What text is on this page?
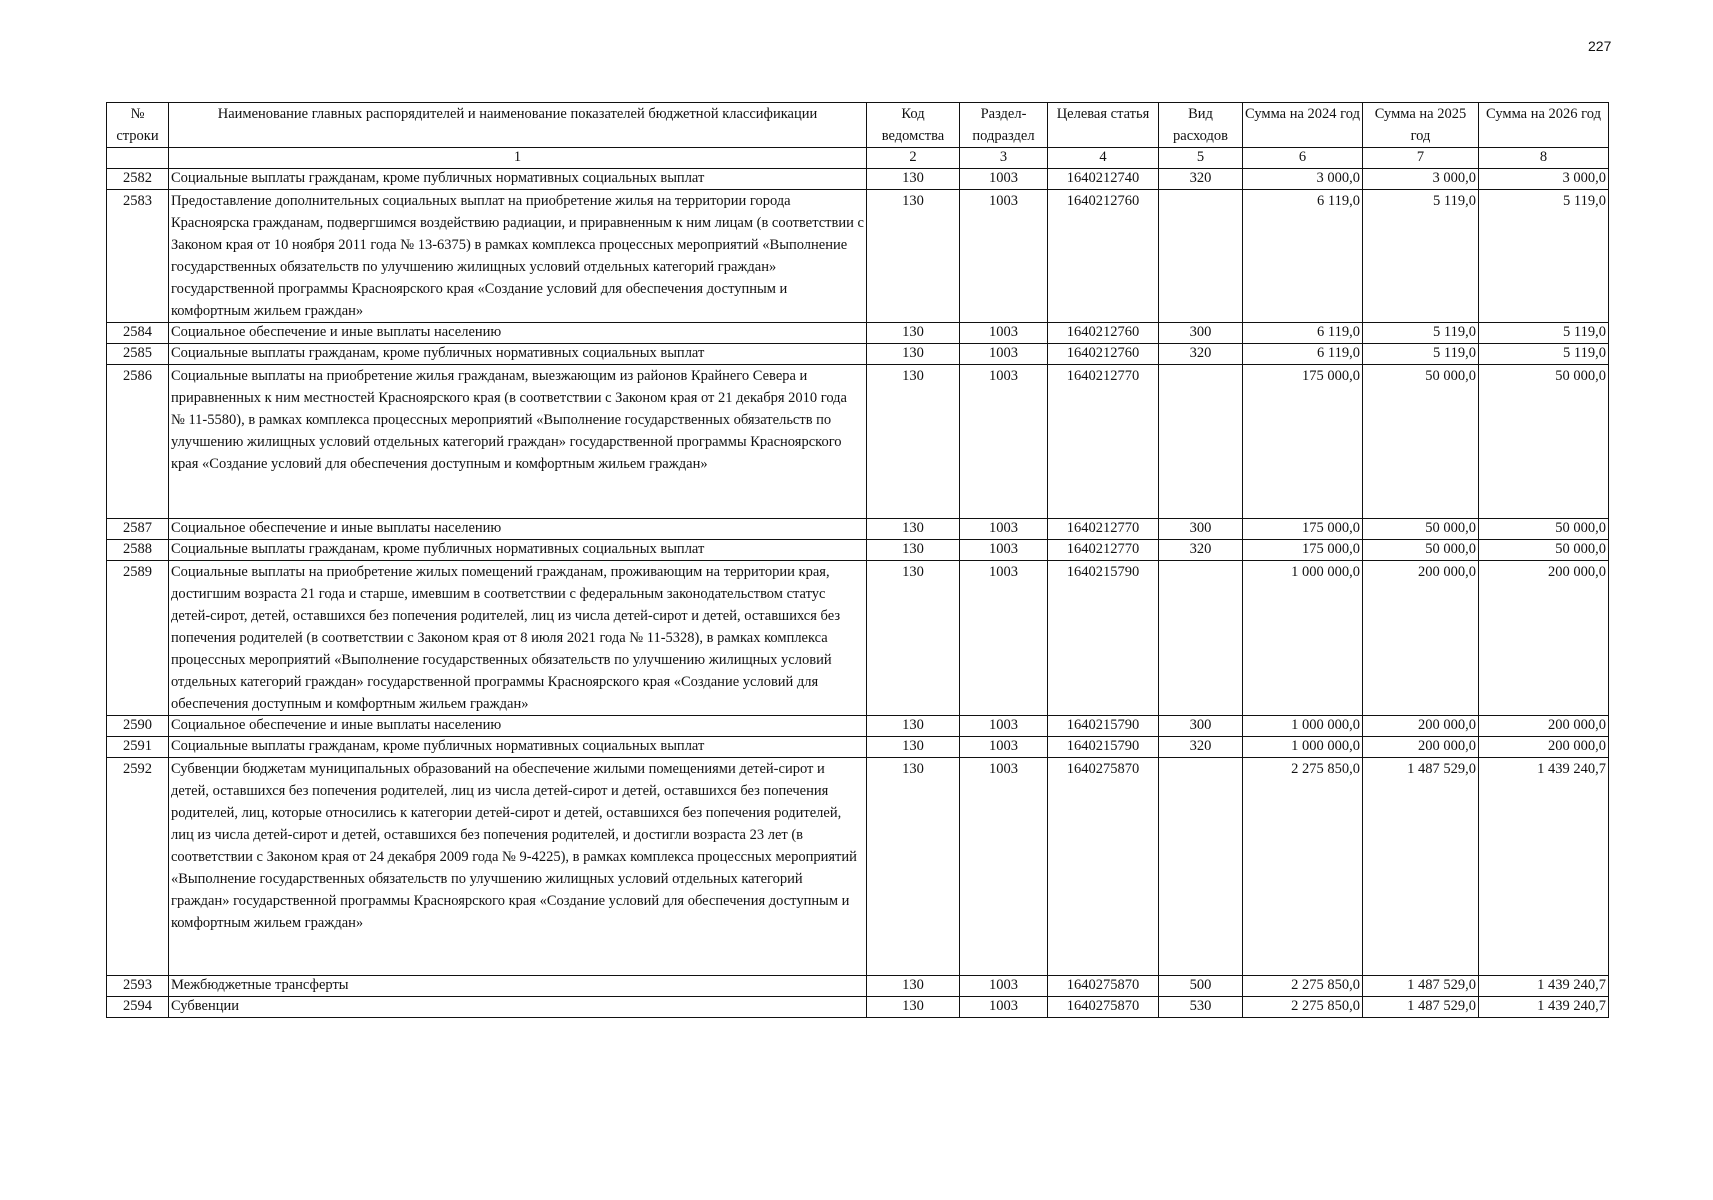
227
№ строки	Наименование главных распорядителей и наименование показателей бюджетной классификации	Код ведомства	Раздел-подраздел	Целевая статья	Вид расходов	Сумма на 2024 год	Сумма на 2025 год	Сумма на 2026 год
	1	2	3	4	5	6	7	8
2582	Социальные выплаты гражданам, кроме публичных нормативных социальных выплат	130	1003	1640212740	320	3 000,0	3 000,0	3 000,0
2583	Предоставление дополнительных социальных выплат на приобретение жилья на территории города Красноярска гражданам, подвергшимся воздействию радиации, и приравненным к ним лицам (в соответствии с Законом края от 10 ноября 2011 года № 13-6375) в рамках комплекса процессных мероприятий «Выполнение государственных обязательств по улучшению жилищных условий отдельных категорий граждан» государственной программы Красноярского края «Создание условий для обеспечения доступным и комфортным жильем граждан»	130	1003	1640212760		6 119,0	5 119,0	5 119,0
2584	Социальное обеспечение и иные выплаты населению	130	1003	1640212760	300	6 119,0	5 119,0	5 119,0
2585	Социальные выплаты гражданам, кроме публичных нормативных социальных выплат	130	1003	1640212760	320	6 119,0	5 119,0	5 119,0
2586	Социальные выплаты на приобретение жилья гражданам, выезжающим из районов Крайнего Севера и приравненных к ним местностей Красноярского края (в соответствии с Законом края от 21 декабря 2010 года № 11-5580), в рамках комплекса процессных мероприятий «Выполнение государственных обязательств по улучшению жилищных условий отдельных категорий граждан» государственной программы Красноярского края «Создание условий для обеспечения доступным и комфортным жильем граждан»	130	1003	1640212770		175 000,0	50 000,0	50 000,0
2587	Социальное обеспечение и иные выплаты населению	130	1003	1640212770	300	175 000,0	50 000,0	50 000,0
2588	Социальные выплаты гражданам, кроме публичных нормативных социальных выплат	130	1003	1640212770	320	175 000,0	50 000,0	50 000,0
2589	Социальные выплаты на приобретение жилых помещений гражданам, проживающим на территории края, достигшим возраста 21 года и старше, имевшим в соответствии с федеральным законодательством статус детей-сирот, детей, оставшихся без попечения родителей, лиц из числа детей-сирот и детей, оставшихся без попечения родителей (в соответствии с Законом края от 8 июля 2021 года № 11-5328), в рамках комплекса процессных мероприятий «Выполнение государственных обязательств по улучшению жилищных условий отдельных категорий граждан» государственной программы Красноярского края «Создание условий для обеспечения доступным и комфортным жильем граждан»	130	1003	1640215790		1 000 000,0	200 000,0	200 000,0
2590	Социальное обеспечение и иные выплаты населению	130	1003	1640215790	300	1 000 000,0	200 000,0	200 000,0
2591	Социальные выплаты гражданам, кроме публичных нормативных социальных выплат	130	1003	1640215790	320	1 000 000,0	200 000,0	200 000,0
2592	Субвенции бюджетам муниципальных образований на обеспечение жилыми помещениями детей-сирот и детей, оставшихся без попечения родителей, лиц из числа детей-сирот и детей, оставшихся без попечения родителей, лиц, которые относились к категории детей-сирот и детей, оставшихся без попечения родителей, лиц из числа детей-сирот и детей, оставшихся без попечения родителей, и достигли возраста 23 лет (в соответствии с Законом края от 24 декабря 2009 года № 9-4225), в рамках комплекса процессных мероприятий «Выполнение государственных обязательств по улучшению жилищных условий отдельных категорий граждан» государственной программы Красноярского края «Создание условий для обеспечения доступным и комфортным жильем граждан»	130	1003	1640275870		2 275 850,0	1 487 529,0	1 439 240,7
2593	Межбюджетные трансферты	130	1003	1640275870	500	2 275 850,0	1 487 529,0	1 439 240,7
2594	Субвенции	130	1003	1640275870	530	2 275 850,0	1 487 529,0	1 439 240,7
